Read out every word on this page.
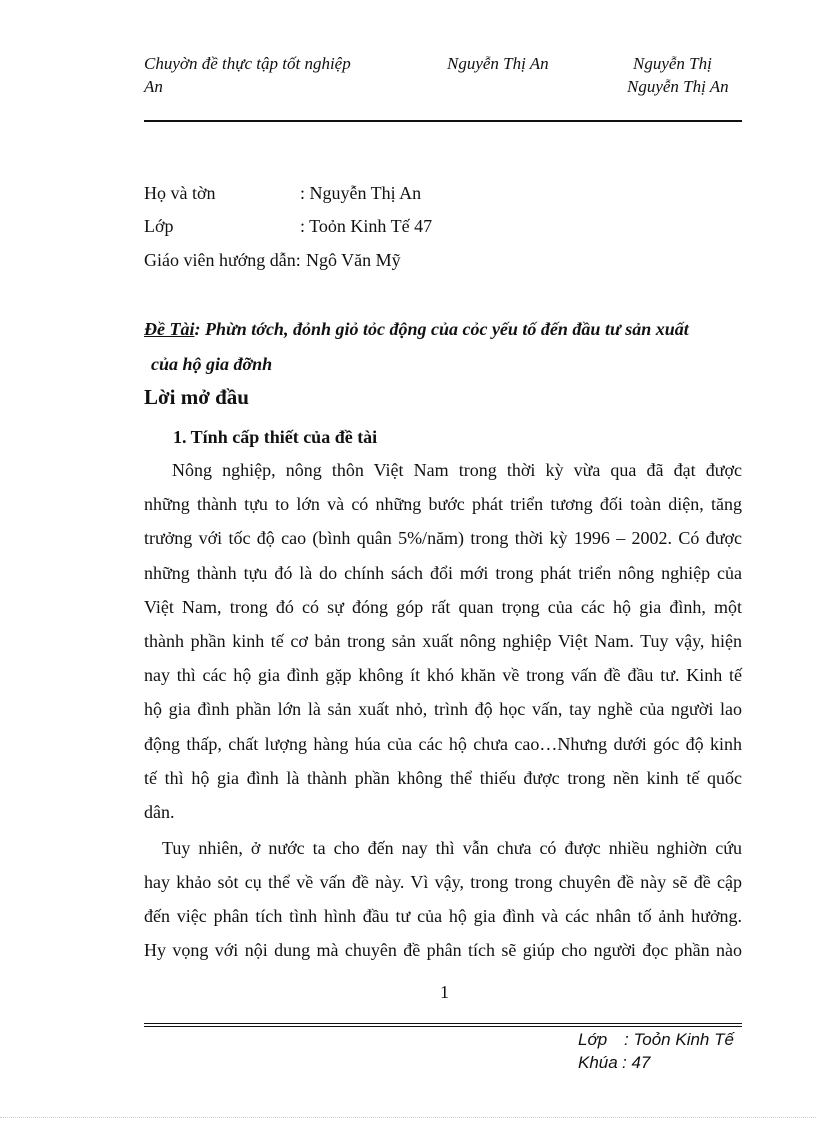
Chuyờn đề thực tập tốt nghiệp
An
Nguyễn Thị An	Nguyễn Thị
Nguyễn Thị An
Họ và tờn	: Nguyễn Thị An
Lớp	: Toỏn Kinh Tế 47
Giáo viên hướng dẫn: Ngô Văn Mỹ
Đề Tài: Phừn tớch, đỏnh giỏ tỏc động của cỏc yếu tố đến đầu tư sản xuất
của hộ gia đỡnh
Lời mở đầu
1. Tính cấp thiết của đề tài
Nông nghiệp, nông thôn Việt Nam trong thời kỳ vừa qua đã đạt được
những thành tựu to lớn và có những bước phát triển tương đối toàn diện, tăng
trưởng với tốc độ cao (bình quân 5%/năm) trong thời kỳ 1996 – 2002. Có được
những thành tựu đó là do chính sách đổi mới trong phát triển nông nghiệp của
Việt Nam, trong đó có sự đóng góp rất quan trọng của các hộ gia đình, một
thành phần kinh tế cơ bản trong sản xuất nông nghiệp Việt Nam. Tuy vậy, hiện
nay thì các hộ gia đình gặp không ít khó khăn về trong vấn đề đầu tư. Kinh tế
hộ gia đình phần lớn là sản xuất nhỏ, trình độ học vấn, tay nghề của người lao
động thấp, chất lượng hàng húa của các hộ chưa cao…Nhưng dưới góc độ kinh
tế thì hộ gia đình là thành phần không thể thiếu được trong nền kinh tế quốc
dân.
Tuy nhiên, ở nước ta cho đến nay thì vẫn chưa có được nhiều nghiờn cứu
hay khảo sỏt cụ thể về vấn đề này. Vì vậy, trong trong chuyên đề này sẽ đề cập
đến việc phân tích tình hình đầu tư của hộ gia đình và các nhân tố ảnh hưởng.
Hy vọng với nội dung mà chuyên đề phân tích sẽ giúp cho người đọc phần nào
1
Lớp : Toỏn Kinh Tế
Khúa : 47
